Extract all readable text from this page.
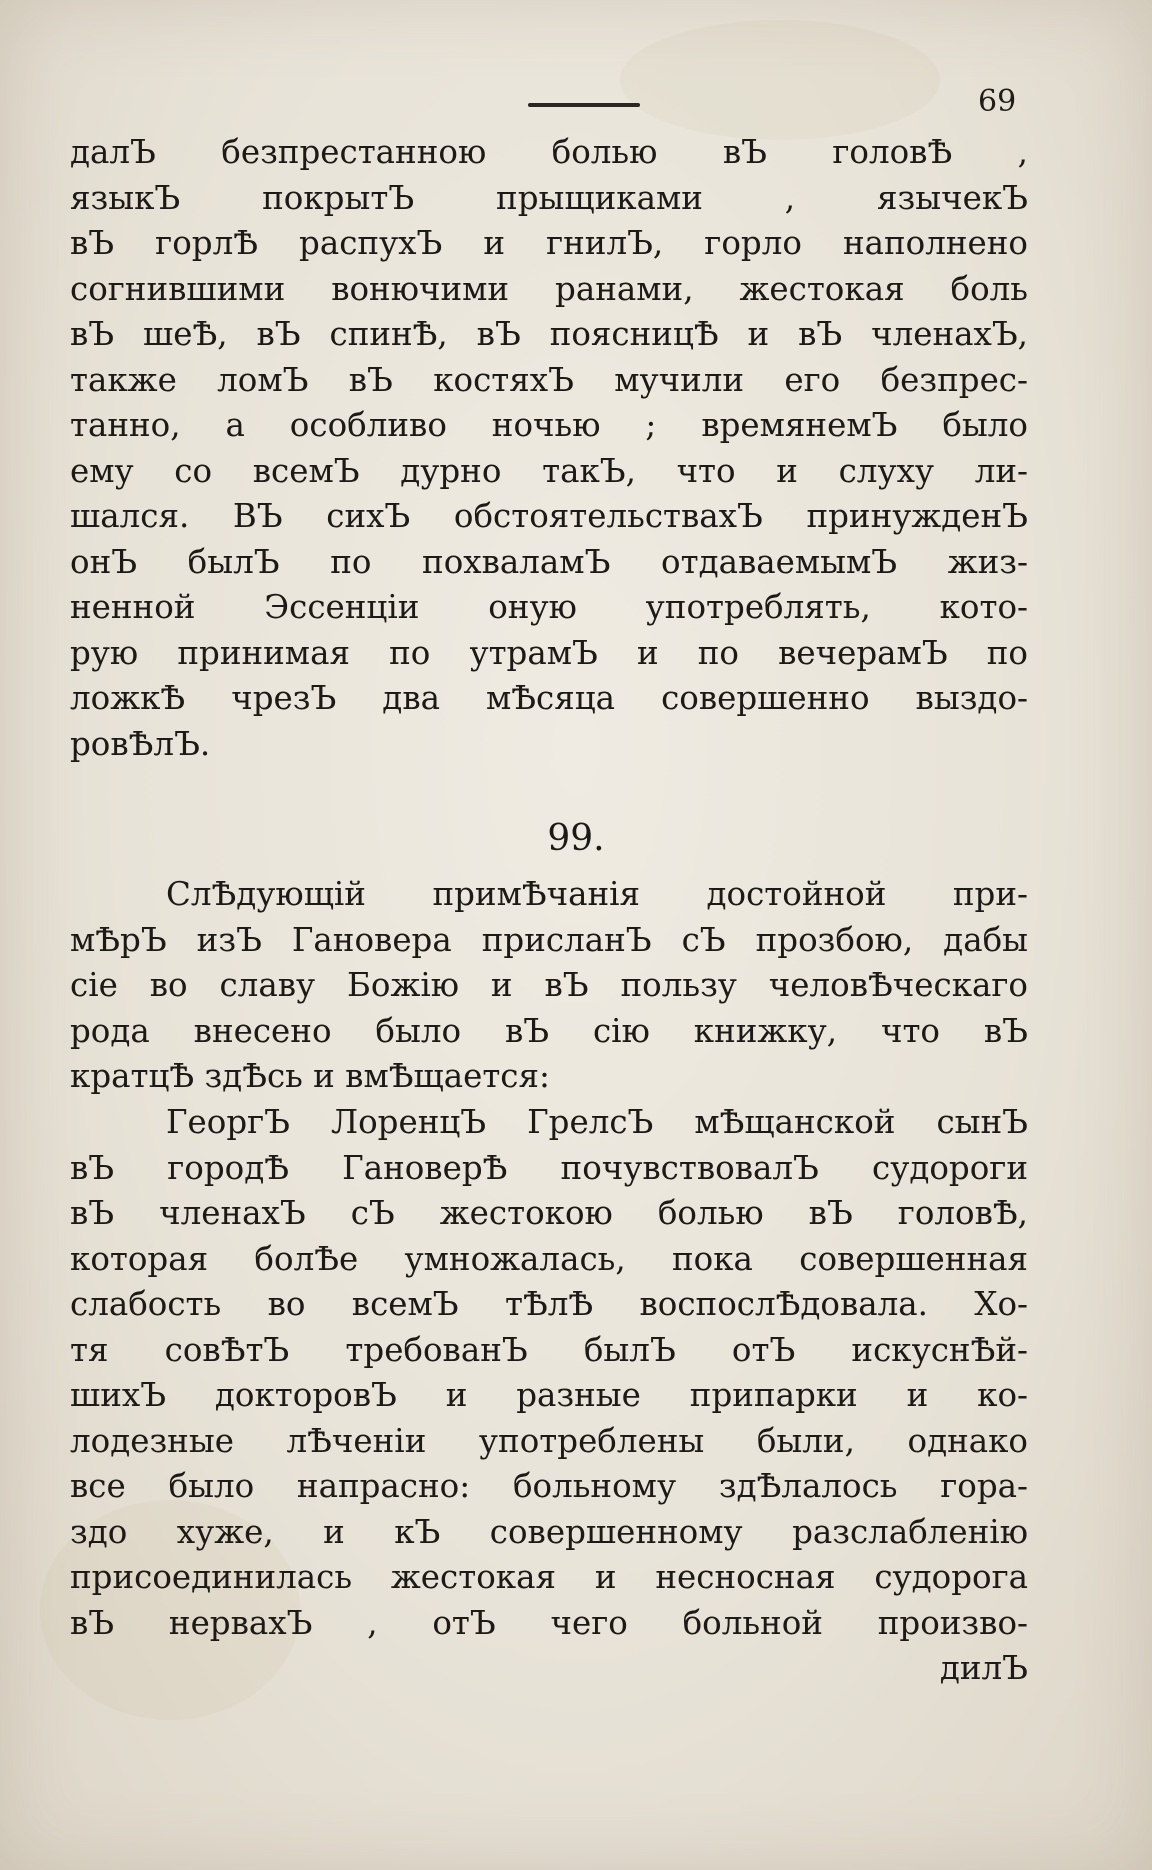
69
далЪ безпрестанною болью вЪ головѢ ,
языкЪ покрытЪ прыщиками , язычекЪ
вЪ горлѢ распухЪ и гнилЪ, горло наполнено
согнившими вонючими ранами, жестокая боль
вЪ шеѢ, вЪ спинѢ, вЪ поясницѢ и вЪ членахЪ,
также ломЪ вЪ костяхЪ мучили его безпрес-
танно, а особливо ночью ; времянемЪ было
ему со всемЪ дурно такЪ, что и слуху ли-
шался. ВЪ сихЪ обстоятельствахЪ принужденЪ
онЪ былЪ по похваламЪ отдаваемымЪ жиз-
ненной Эссенцiи оную употреблять, кото-
рую принимая по утрамЪ и по вечерамЪ по
ложкѢ чрезЪ два мѢсяца совершенно выздо-
ровѢлЪ.
99.
СлѢдующiй примѢчанiя достойной при-
мѢрЪ изЪ Гановера присланЪ сЪ прозбою, дабы
сiе во славу Божiю и вЪ пользу человѢческаго
рода внесено было вЪ сiю книжку, что вЪ
кратцѢ здѢсь и вмѢщается:
ГеоргЪ ЛоренцЪ ГрелсЪ мѢщанской сынЪ
вЪ городѢ ГановерѢ почувствовалЪ судороги
вЪ членахЪ сЪ жестокою болью вЪ головѢ,
которая болѢе умножалась, пока совершенная
слабость во всемЪ тѢлѢ воспослѢдовала. Хо-
тя совѢтЪ требованЪ былЪ отЪ искуснѢй-
шихЪ докторовЪ и разные припарки и ко-
лодезные лѢченiи употреблены были, однако
все было напрасно: больному здѢлалось гора-
здо хуже, и кЪ совершенному разслабленiю
присоединилась жестокая и несносная судорога
вЪ нервахЪ , отЪ чего больной произво-
дилЪ
